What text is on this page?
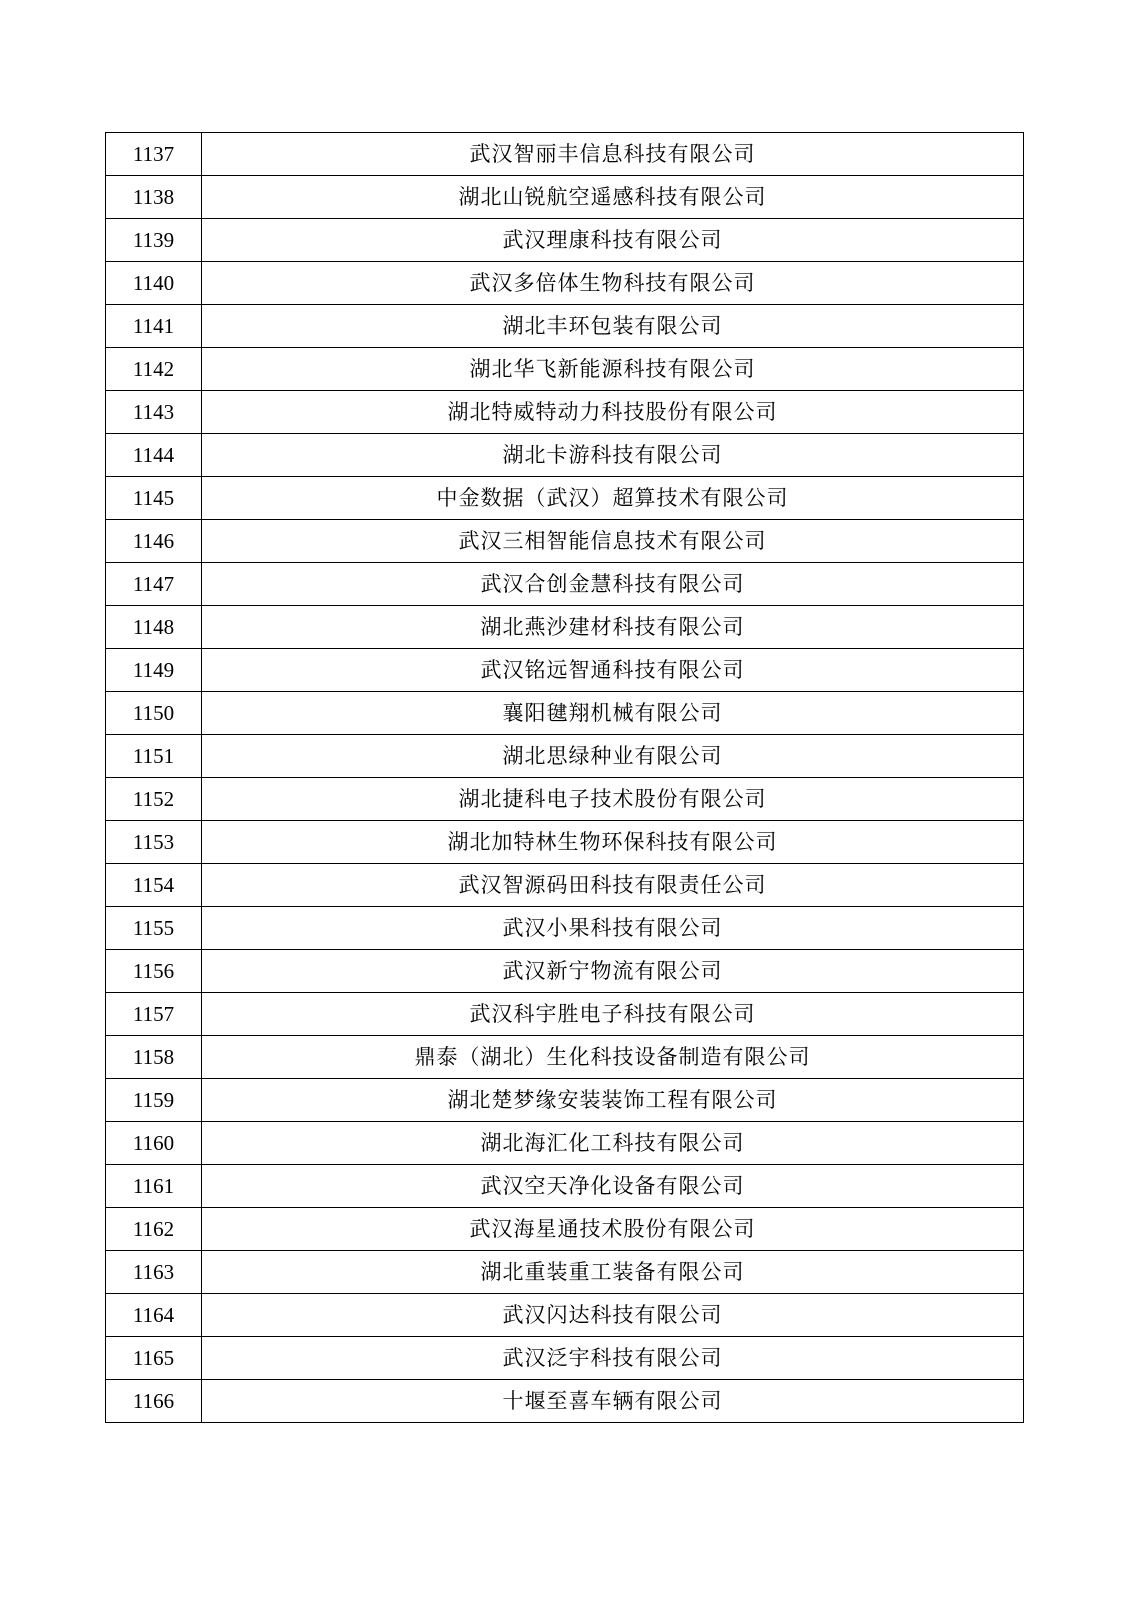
1137	武汉智丽丰信息科技有限公司
1138	湖北山锐航空遥感科技有限公司
1139	武汉理康科技有限公司
1140	武汉多倍体生物科技有限公司
1141	湖北丰环包装有限公司
1142	湖北华飞新能源科技有限公司
1143	湖北特威特动力科技股份有限公司
1144	湖北卡游科技有限公司
1145	中金数据（武汉）超算技术有限公司
1146	武汉三相智能信息技术有限公司
1147	武汉合创金慧科技有限公司
1148	湖北燕沙建材科技有限公司
1149	武汉铭远智通科技有限公司
1150	襄阳毽翔机械有限公司
1151	湖北思绿种业有限公司
1152	湖北捷科电子技术股份有限公司
1153	湖北加特林生物环保科技有限公司
1154	武汉智源码田科技有限责任公司
1155	武汉小果科技有限公司
1156	武汉新宁物流有限公司
1157	武汉科宇胜电子科技有限公司
1158	鼎泰（湖北）生化科技设备制造有限公司
1159	湖北楚梦缘安装装饰工程有限公司
1160	湖北海汇化工科技有限公司
1161	武汉空天净化设备有限公司
1162	武汉海星通技术股份有限公司
1163	湖北重装重工装备有限公司
1164	武汉闪达科技有限公司
1165	武汉泛宇科技有限公司
1166	十堰至喜车辆有限公司
